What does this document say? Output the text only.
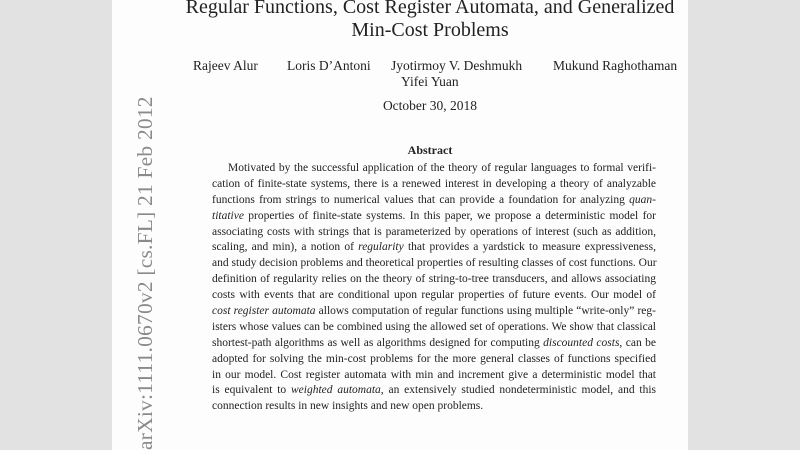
arXiv:1111.0670v2 [cs.FL] 21 Feb 2012
Regular Functions, Cost Register Automata, and Generalized
Min-Cost Problems
Rajeev Alur Loris D’Antoni Jyotirmoy V. Deshmukh Mukund Raghothaman
Yifei Yuan
October 30, 2018
Abstract
Motivated by the successful application of the theory of regular languages to formal verifi-
cation of finite-state systems, there is a renewed interest in developing a theory of analyzable
functions from strings to numerical values that can provide a foundation for analyzing quan-
titative properties of finite-state systems. In this paper, we propose a deterministic model for
associating costs with strings that is parameterized by operations of interest (such as addition,
scaling, and min), a notion of regularity that provides a yardstick to measure expressiveness,
and study decision problems and theoretical properties of resulting classes of cost functions. Our
definition of regularity relies on the theory of string-to-tree transducers, and allows associating
costs with events that are conditional upon regular properties of future events. Our model of
cost register automata allows computation of regular functions using multiple “write-only” reg-
isters whose values can be combined using the allowed set of operations. We show that classical
shortest-path algorithms as well as algorithms designed for computing discounted costs, can be
adopted for solving the min-cost problems for the more general classes of functions specified
in our model. Cost register automata with min and increment give a deterministic model that
is equivalent to weighted automata, an extensively studied nondeterministic model, and this
connection results in new insights and new open problems.
